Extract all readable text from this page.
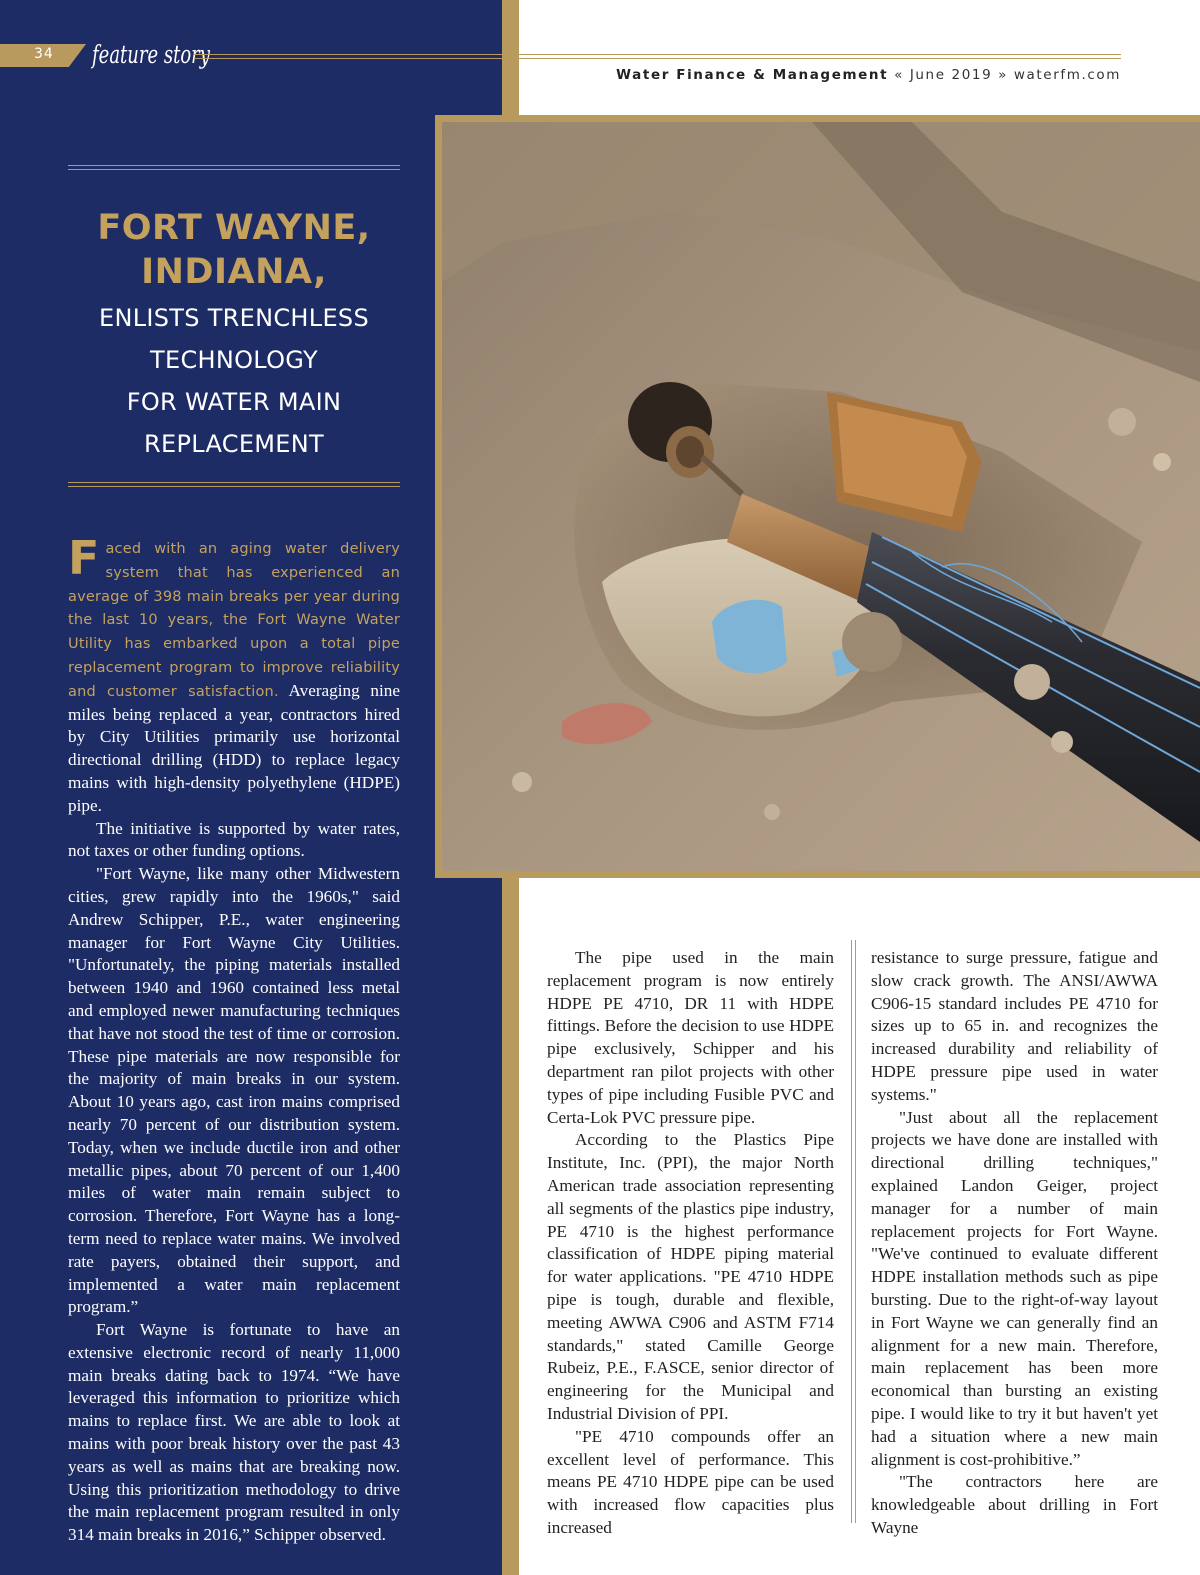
34 feature story
Water Finance & Management « June 2019 » waterfm.com
FORT WAYNE,
INDIANA,
ENLISTS TRENCHLESS
TECHNOLOGY
FOR WATER MAIN
REPLACEMENT

Faced with an aging water delivery system that has experienced an average of 398 main breaks per year during the last 10 years, the Fort Wayne Water Utility has embarked upon a total pipe replacement program to improve reliability and customer satisfaction. Averaging nine miles being replaced a year, contractors hired by City Utilities primarily use horizontal directional drilling (HDD) to replace legacy mains with high-density polyethylene (HDPE) pipe.

The initiative is supported by water rates, not taxes or other funding options.

"Fort Wayne, like many other Midwestern cities, grew rapidly into the 1960s," said Andrew Schipper, P.E., water engineering manager for Fort Wayne City Utilities. "Unfortunately, the piping materials installed between 1940 and 1960 contained less metal and employed newer manufacturing techniques that have not stood the test of time or corrosion. These pipe materials are now responsible for the majority of main breaks in our system. About 10 years ago, cast iron mains comprised nearly 70 percent of our distribution system. Today, when we include ductile iron and other metallic pipes, about 70 percent of our 1,400 miles of water main remain subject to corrosion. Therefore, Fort Wayne has a long-term need to replace water mains. We involved rate payers, obtained their support, and implemented a water main replacement program.”

Fort Wayne is fortunate to have an extensive electronic record of nearly 11,000 main breaks dating back to 1974. “We have leveraged this information to prioritize which mains to replace first. We are able to look at mains with poor break history over the past 43 years as well as mains that are breaking now. Using this prioritization methodology to drive the main replacement program resulted in only 314 main breaks in 2016,” Schipper observed.

The pipe used in the main replacement program is now entirely HDPE PE 4710, DR 11 with HDPE fittings. Before the decision to use HDPE pipe exclusively, Schipper and his department ran pilot projects with other types of pipe including Fusible PVC and Certa-Lok PVC pressure pipe.

According to the Plastics Pipe Institute, Inc. (PPI), the major North American trade association representing all segments of the plastics pipe industry, PE 4710 is the highest performance classification of HDPE piping material for water applications. "PE 4710 HDPE pipe is tough, durable and flexible, meeting AWWA C906 and ASTM F714 standards," stated Camille George Rubeiz, P.E., F.ASCE, senior director of engineering for the Municipal and Industrial Division of PPI.

"PE 4710 compounds offer an excellent level of performance. This means PE 4710 HDPE pipe can be used with increased flow capacities plus increased

resistance to surge pressure, fatigue and slow crack growth. The ANSI/AWWA C906-15 standard includes PE 4710 for sizes up to 65 in. and recognizes the increased durability and reliability of HDPE pressure pipe used in water systems."

"Just about all the replacement projects we have done are installed with directional drilling techniques," explained Landon Geiger, project manager for a number of main replacement projects for Fort Wayne. "We've continued to evaluate different HDPE installation methods such as pipe bursting. Due to the right-of-way layout in Fort Wayne we can generally find an alignment for a new main. Therefore, main replacement has been more economical than bursting an existing pipe. I would like to try it but haven't yet had a situation where a new main alignment is cost-prohibitive.”

"The contractors here are knowledgeable about drilling in Fort Wayne
